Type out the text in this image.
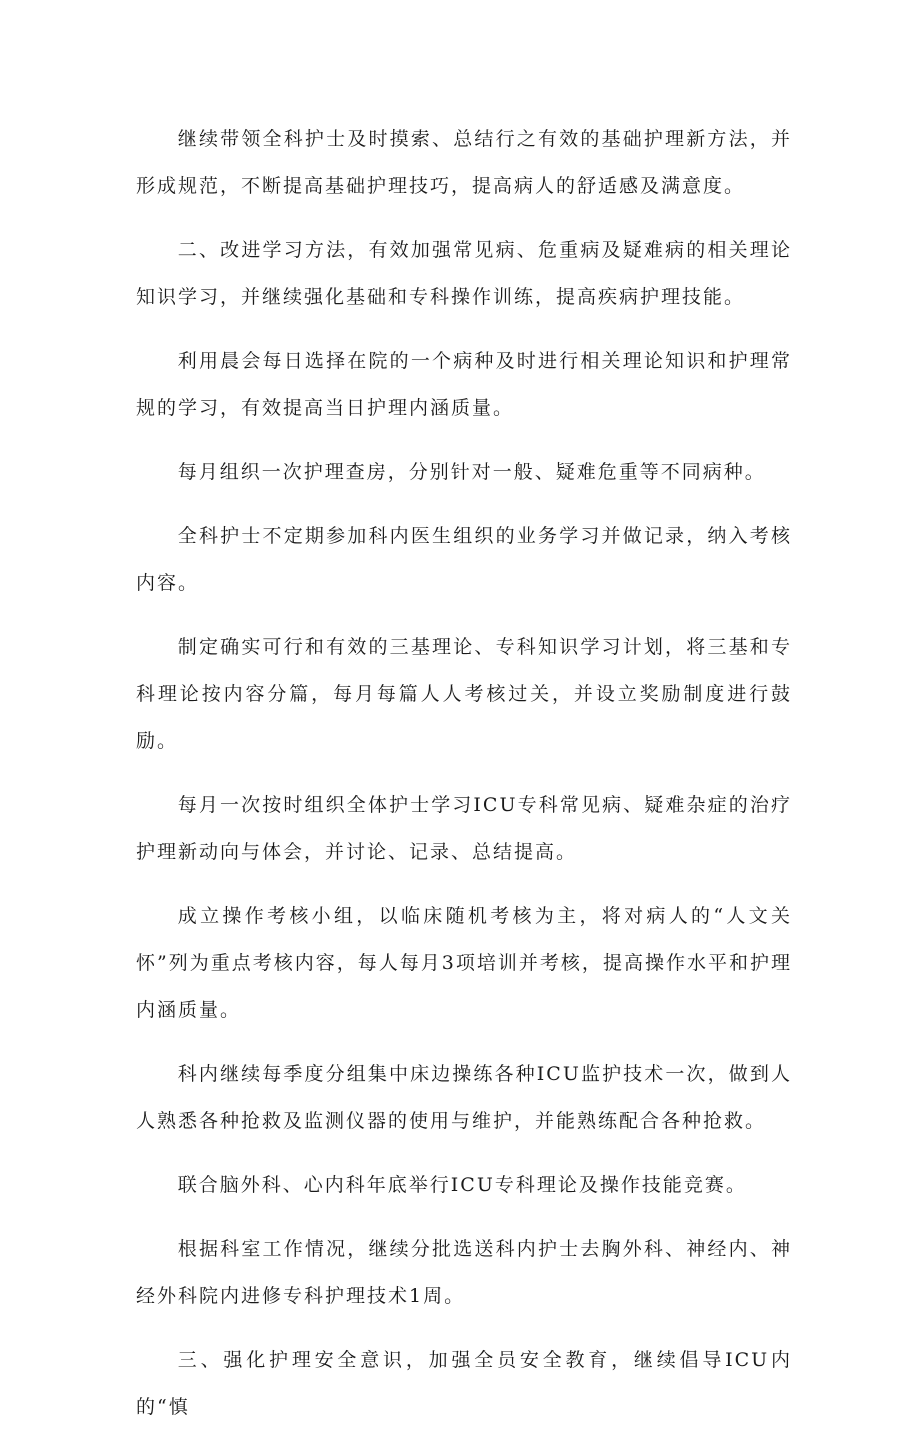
继续带领全科护士及时摸索、总结行之有效的基础护理新方法，并形成规范，不断提高基础护理技巧，提高病人的舒适感及满意度。

二、改进学习方法，有效加强常见病、危重病及疑难病的相关理论知识学习，并继续强化基础和专科操作训练，提高疾病护理技能。

利用晨会每日选择在院的一个病种及时进行相关理论知识和护理常规的学习，有效提高当日护理内涵质量。

每月组织一次护理查房，分别针对一般、疑难危重等不同病种。

全科护士不定期参加科内医生组织的业务学习并做记录，纳入考核内容。

制定确实可行和有效的三基理论、专科知识学习计划，将三基和专科理论按内容分篇，每月每篇人人考核过关，并设立奖励制度进行鼓励。

每月一次按时组织全体护士学习ICU专科常见病、疑难杂症的治疗护理新动向与体会，并讨论、记录、总结提高。

成立操作考核小组，以临床随机考核为主，将对病人的“人文关怀”列为重点考核内容，每人每月3项培训并考核，提高操作水平和护理内涵质量。

科内继续每季度分组集中床边操练各种ICU监护技术一次，做到人人熟悉各种抢救及监测仪器的使用与维护，并能熟练配合各种抢救。

联合脑外科、心内科年底举行ICU专科理论及操作技能竞赛。

根据科室工作情况，继续分批选送科内护士去胸外科、神经内、神经外科院内进修专科护理技术1周。

三、强化护理安全意识，加强全员安全教育，继续倡导ICU内的“慎
